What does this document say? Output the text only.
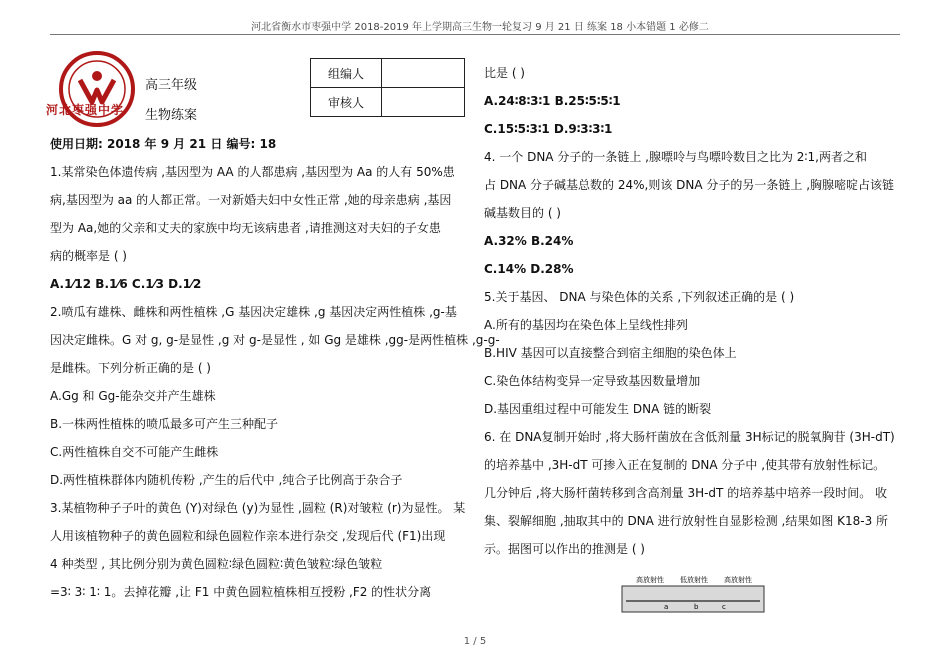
河北省衡水市枣强中学 2018-2019 年上学期高三生物一轮复习 9 月 21 日 练案 18 小本错题 1 必修二
河北枣强中学
高三年级
生物练案
组编人	
审核人	
使用日期: 2018 年 9 月 21 日 编号: 18
1.某常染色体遗传病 ,基因型为 AA 的人都患病 ,基因型为 Aa 的人有 50%患
病,基因型为 aa 的人都正常。一对新婚夫妇中女性正常 ,她的母亲患病 ,基因
型为 Aa,她的父亲和丈夫的家族中均无该病患者 ,请推测这对夫妇的子女患
病的概率是 ( )
A.1⁄12 B.1⁄6 C.1⁄3 D.1⁄2
2.喷瓜有雄株、雌株和两性植株 ,G 基因决定雄株 ,g 基因决定两性植株 ,g-基
因决定雌株。G 对 g, g-是显性 ,g 对 g-是显性 , 如 Gg 是雄株 ,gg-是两性植株 ,g-g-
是雌株。下列分析正确的是 ( )
A.Gg 和 Gg-能杂交并产生雄株
B.一株两性植株的喷瓜最多可产生三种配子
C.两性植株自交不可能产生雌株
D.两性植株群体内随机传粉 ,产生的后代中 ,纯合子比例高于杂合子
3.某植物种子子叶的黄色 (Y)对绿色 (y)为显性 ,圆粒 (R)对皱粒 (r)为显性。 某
人用该植物种子的黄色圆粒和绿色圆粒作亲本进行杂交 ,发现后代 (F1)出现
4 种类型 , 其比例分别为黄色圆粒∶绿色圆粒∶黄色皱粒∶绿色皱粒
=3∶ 3∶ 1∶ 1。去掉花瓣 ,让 F1 中黄色圆粒植株相互授粉 ,F2 的性状分离
比是 ( )
A.24∶8∶3∶1 B.25∶5∶5∶1
C.15∶5∶3∶1 D.9∶3∶3∶1
4. 一个 DNA 分子的一条链上 ,腺嘌呤与鸟嘌呤数目之比为 2∶1,两者之和
占 DNA 分子碱基总数的 24%,则该 DNA 分子的另一条链上 ,胸腺嘧啶占该链
碱基数目的 ( )
A.32% B.24%
C.14% D.28%
5.关于基因、 DNA 与染色体的关系 ,下列叙述正确的是 ( )
A.所有的基因均在染色体上呈线性排列
B.HIV 基因可以直接整合到宿主细胞的染色体上
C.染色体结构变异一定导致基因数量增加
D.基因重组过程中可能发生 DNA 链的断裂
6. 在 DNA复制开始时 ,将大肠杆菌放在含低剂量 3H标记的脱氧胸苷 (3H-dT)
的培养基中 ,3H-dT 可掺入正在复制的 DNA 分子中 ,使其带有放射性标记。
几分钟后 ,将大肠杆菌转移到含高剂量 3H-dT 的培养基中培养一段时间。 收
集、裂解细胞 ,抽取其中的 DNA 进行放射性自显影检测 ,结果如图 K18-3 所
示。据图可以作出的推测是 ( )
高放射性 低放射性 高放射性
a	b	c
1 / 5
